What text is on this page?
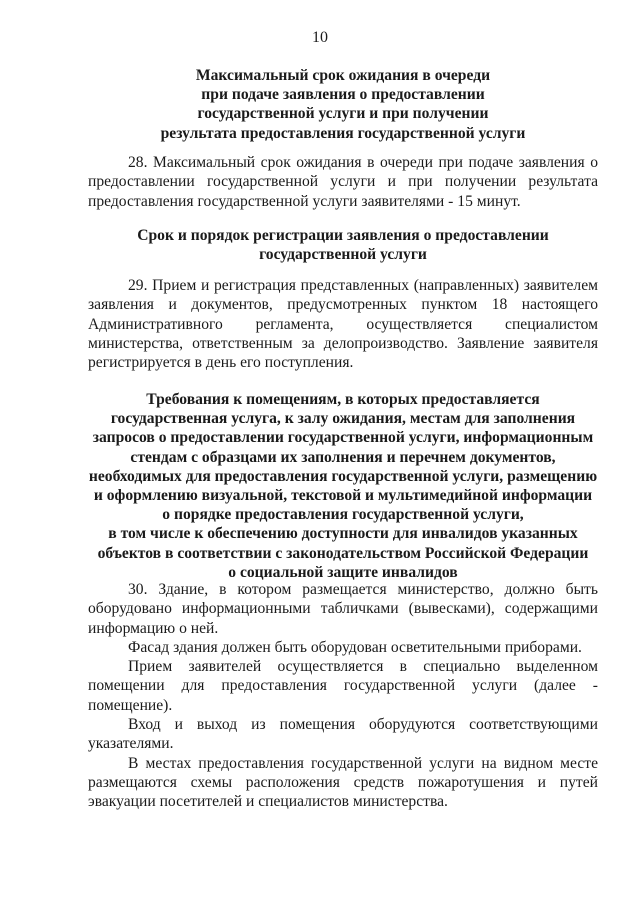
10
Максимальный срок ожидания в очереди
при подаче заявления о предоставлении
государственной услуги и при получении
результата предоставления государственной услуги

28. Максимальный срок ожидания в очереди при подаче заявления о предоставлении государственной услуги и при получении результата предоставления государственной услуги заявителями - 15 минут.

Срок и порядок регистрации заявления о предоставлении
государственной услуги

29. Прием и регистрация представленных (направленных) заявителем заявления и документов, предусмотренных пунктом 18 настоящего Административного регламента, осуществляется специалистом министерства, ответственным за делопроизводство. Заявление заявителя регистрируется в день его поступления.

Требования к помещениям, в которых предоставляется
государственная услуга, к залу ожидания, местам для заполнения
запросов о предоставлении государственной услуги, информационным
стендам с образцами их заполнения и перечнем документов,
необходимых для предоставления государственной услуги, размещению
и оформлению визуальной, текстовой и мультимедийной информации
о порядке предоставления государственной услуги,
в том числе к обеспечению доступности для инвалидов указанных
объектов в соответствии с законодательством Российской Федерации
о социальной защите инвалидов

30. Здание, в котором размещается министерство, должно быть оборудовано информационными табличками (вывесками), содержащими информацию о ней.

Фасад здания должен быть оборудован осветительными приборами.

Прием заявителей осуществляется в специально выделенном помещении для предоставления государственной услуги (далее - помещение).

Вход и выход из помещения оборудуются соответствующими указателями.

В местах предоставления государственной услуги на видном месте размещаются схемы расположения средств пожаротушения и путей эвакуации посетителей и специалистов министерства.
